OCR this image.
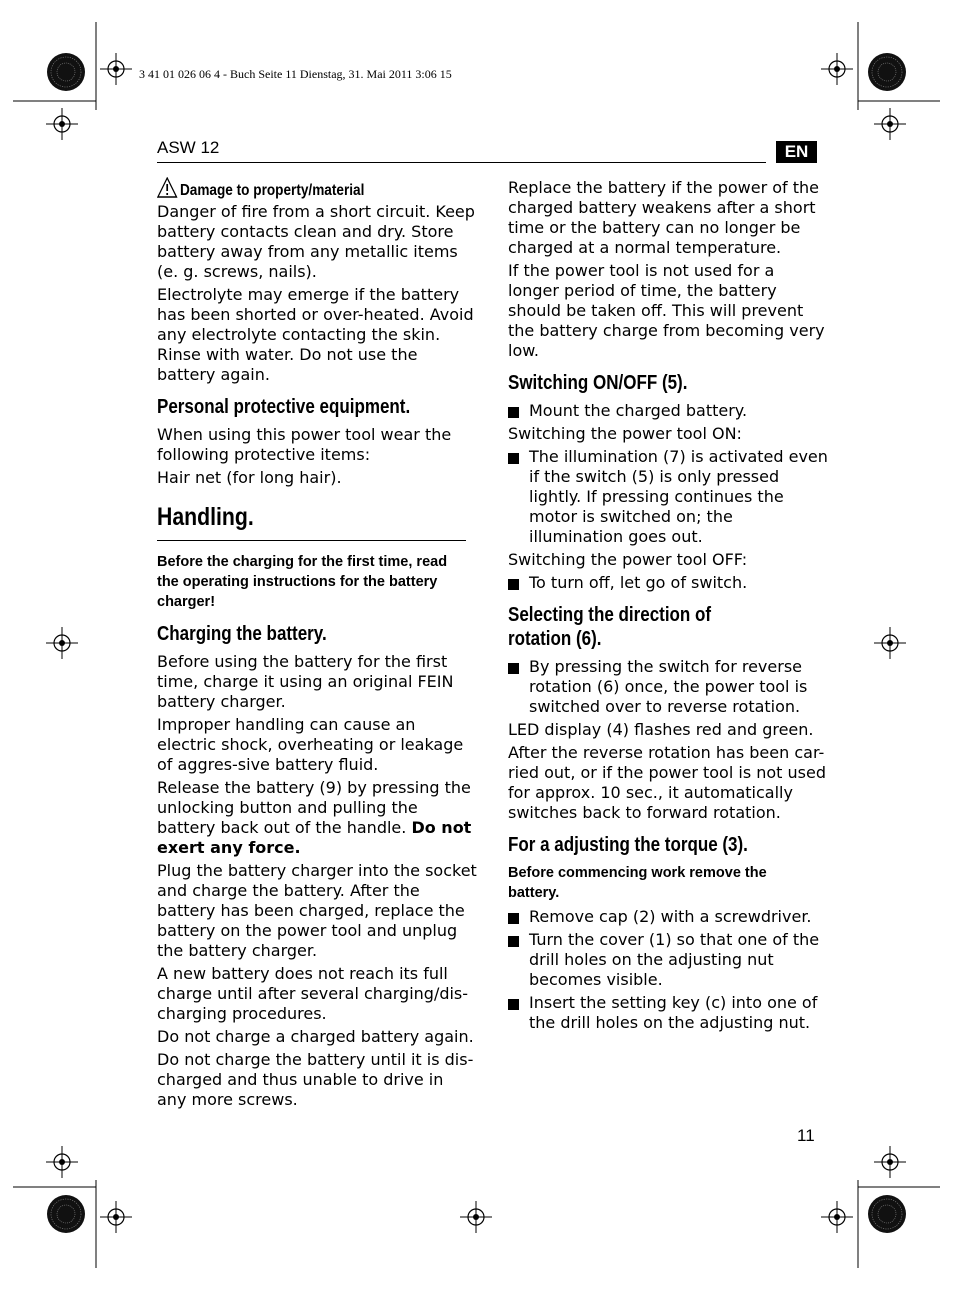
3 41 01 026 06 4 - Buch Seite 11 Dienstag, 31. Mai 2011 3:06 15
ASW 12	EN
Damage to property/material

Danger of fire from a short circuit. Keep battery contacts clean and dry. Store battery away from any metallic items (e. g. screws, nails).

Electrolyte may emerge if the battery has been shorted or over-heated. Avoid any electrolyte contacting the skin. Rinse with water. Do not use the battery again.

Personal protective equipment.

When using this power tool wear the following protective items:

Hair net (for long hair).

Handling.
Before the charging for the first time, read the operating instructions for the battery charger!
Charging the battery.

Before using the battery for the first time, charge it using an original FEIN battery charger.

Improper handling can cause an electric shock, overheating or leakage of aggres-sive battery fluid.

Release the battery (9) by pressing the unlocking button and pulling the battery back out of the handle. Do not exert any force.

Plug the battery charger into the socket and charge the battery. After the battery has been charged, replace the battery on the power tool and unplug the battery charger.

A new battery does not reach its full charge until after several charging/dis-charging procedures.

Do not charge a charged battery again.

Do not charge the battery until it is dis-charged and thus unable to drive in any more screws.

Replace the battery if the power of the charged battery weakens after a short time or the battery can no longer be charged at a normal temperature.

If the power tool is not used for a longer period of time, the battery should be taken off. This will prevent the battery charge from becoming very low.

Switching ON/OFF (5).
Mount the charged battery.

Switching the power tool ON:

The illumination (7) is activated even if the switch (5) is only pressed lightly. If pressing continues the motor is switched on; the illumination goes out.

Switching the power tool OFF:

To turn off, let go of switch.
Selecting the direction of rotation (6).
By pressing the switch for reverse rotation (6) once, the power tool is switched over to reverse rotation.

LED display (4) flashes red and green.

After the reverse rotation has been car-ried out, or if the power tool is not used for approx. 10 sec., it automatically switches back to forward rotation.

For a adjusting the torque (3).
Before commencing work remove the battery.
Remove cap (2) with a screwdriver.
Turn the cover (1) so that one of the drill holes on the adjusting nut becomes visible.
Insert the setting key (c) into one of the drill holes on the adjusting nut.
11
